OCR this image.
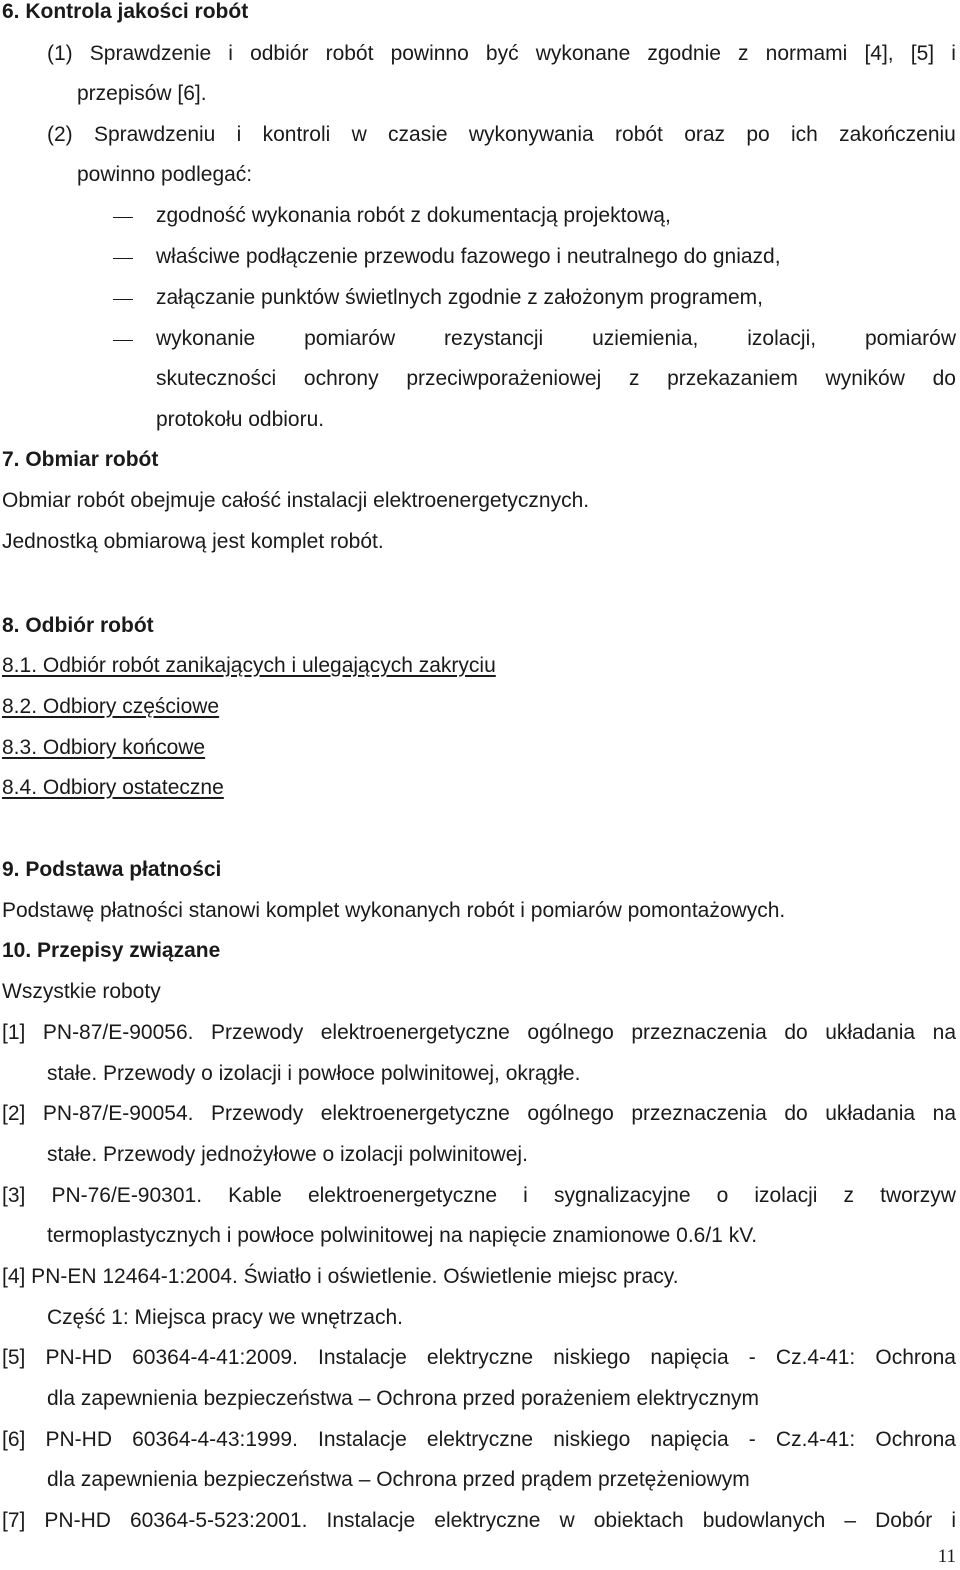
6. Kontrola jakości robót
(1) Sprawdzenie i odbiór robót powinno być wykonane zgodnie z normami [4], [5] i
przepisów [6].
(2) Sprawdzeniu i kontroli w czasie wykonywania robót oraz po ich zakończeniu
powinno podlegać:
zgodność wykonania robót z dokumentacją projektową,
właściwe podłączenie przewodu fazowego i neutralnego do gniazd,
załączanie punktów świetlnych zgodnie z założonym programem,
wykonanie pomiarów rezystancji uziemienia, izolacji, pomiarów
skuteczności ochrony przeciwporażeniowej z przekazaniem wyników do
protokołu odbioru.
7. Obmiar robót
Obmiar robót obejmuje całość instalacji elektroenergetycznych.
Jednostką obmiarową jest komplet robót.
8. Odbiór robót
8.1. Odbiór robót zanikających i ulegających zakryciu
8.2. Odbiory częściowe
8.3. Odbiory końcowe
8.4. Odbiory ostateczne
9. Podstawa płatności
Podstawę płatności stanowi komplet wykonanych robót i pomiarów pomontażowych.
10. Przepisy związane
Wszystkie roboty
[1] PN-87/E-90056. Przewody elektroenergetyczne ogólnego przeznaczenia do układania na
stałe. Przewody o izolacji i powłoce polwinitowej, okrągłe.
[2] PN-87/E-90054. Przewody elektroenergetyczne ogólnego przeznaczenia do układania na
stałe. Przewody jednożyłowe o izolacji polwinitowej.
[3] PN-76/E-90301. Kable elektroenergetyczne i sygnalizacyjne o izolacji z tworzyw
termoplastycznych i powłoce polwinitowej na napięcie znamionowe 0.6/1 kV.
[4] PN-EN 12464-1:2004. Światło i oświetlenie. Oświetlenie miejsc pracy.
Część 1: Miejsca pracy we wnętrzach.
[5] PN-HD 60364-4-41:2009. Instalacje elektryczne niskiego napięcia - Cz.4-41: Ochrona
dla zapewnienia bezpieczeństwa – Ochrona przed porażeniem elektrycznym
[6] PN-HD 60364-4-43:1999. Instalacje elektryczne niskiego napięcia - Cz.4-41: Ochrona
dla zapewnienia bezpieczeństwa – Ochrona przed prądem przetężeniowym
[7] PN-HD 60364-5-523:2001. Instalacje elektryczne w obiektach budowlanych – Dobór i
11
